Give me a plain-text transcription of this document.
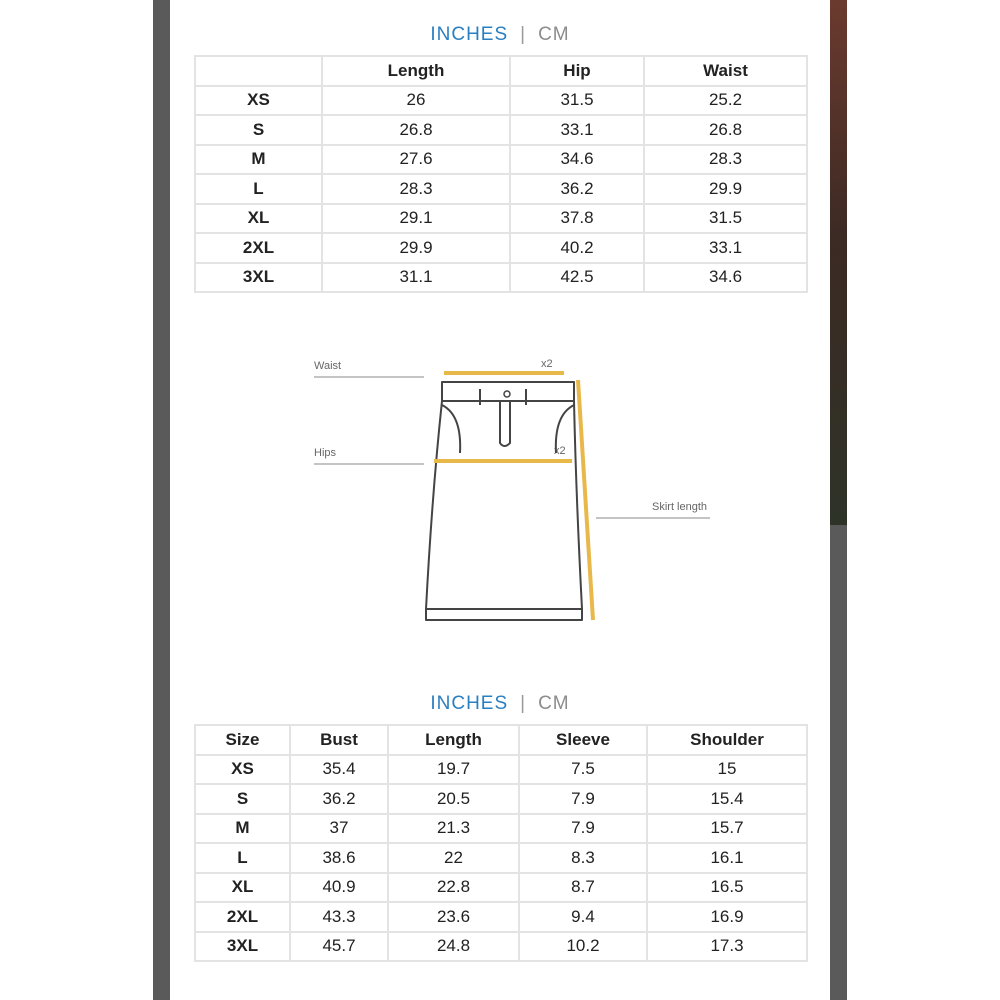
INCHES | CM
	Length	Hip	Waist
XS	26	31.5	25.2
S	26.8	33.1	26.8
M	27.6	34.6	28.3
L	28.3	36.2	29.9
XL	29.1	37.8	31.5
2XL	29.9	40.2	33.1
3XL	31.1	42.5	34.6
Waist
Hips
Skirt length
x2
x2
INCHES | CM
Size	Bust	Length	Sleeve	Shoulder
XS	35.4	19.7	7.5	15
S	36.2	20.5	7.9	15.4
M	37	21.3	7.9	15.7
L	38.6	22	8.3	16.1
XL	40.9	22.8	8.7	16.5
2XL	43.3	23.6	9.4	16.9
3XL	45.7	24.8	10.2	17.3
